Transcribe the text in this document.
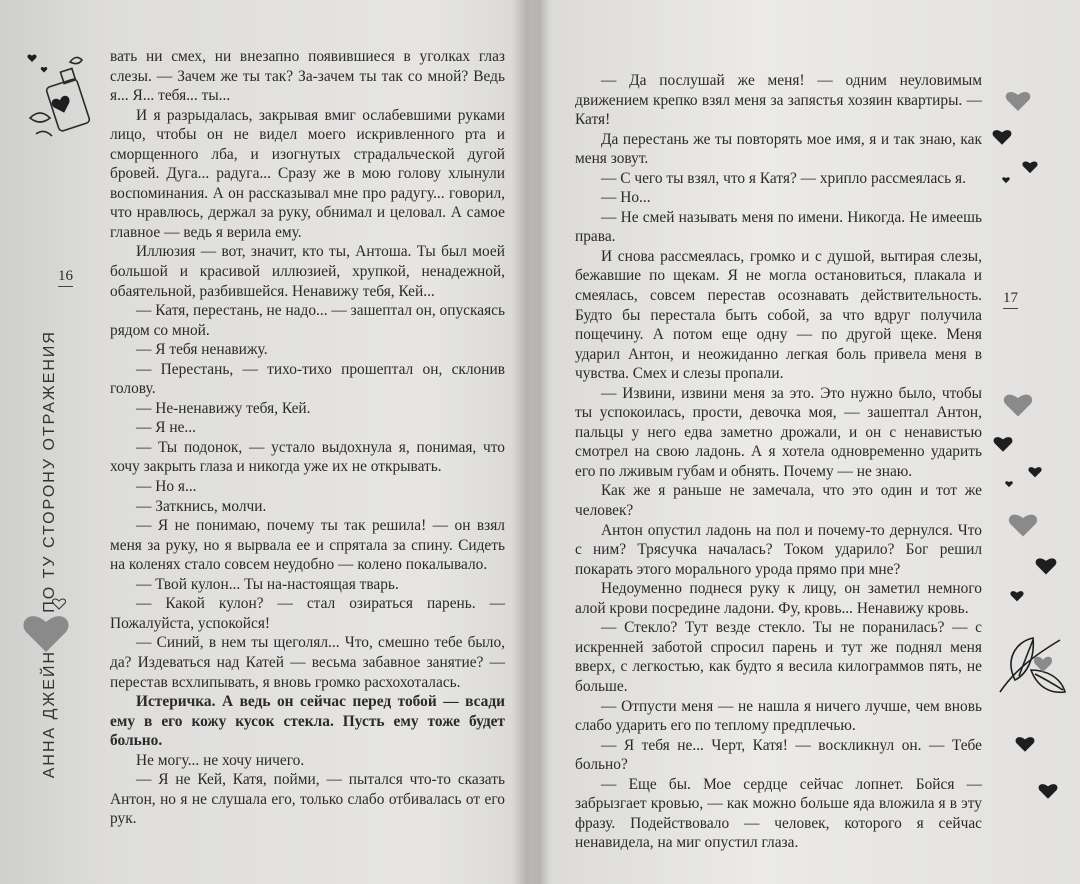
16
ПО ТУ СТОРОНУ ОТРАЖЕНИЯ
АННА ДЖЕЙН

вать ни смех, ни внезапно появившиеся в уголках глаз слезы. — Зачем же ты так? За-зачем ты так со мной? Ведь я... Я... тебя... ты...

И я разрыдалась, закрывая вмиг ослабевшими руками лицо, чтобы он не видел моего искривленного рта и сморщенного лба, и изогнутых страдальческой дугой бровей. Дуга... радуга... Сразу же в мою голову хлынули воспоминания. А он рассказывал мне про радугу... говорил, что нравлюсь, держал за руку, обнимал и целовал. А самое главное — ведь я верила ему.

Иллюзия — вот, значит, кто ты, Антоша. Ты был моей большой и красивой иллюзией, хрупкой, ненадежной, обаятельной, разбившейся. Ненавижу тебя, Кей...

— Катя, перестань, не надо... — зашептал он, опускаясь рядом со мной.

— Я тебя ненавижу.

— Перестань, — тихо-тихо прошептал он, склонив голову.

— Не-ненавижу тебя, Кей.

— Я не...

— Ты подонок, — устало выдохнула я, понимая, что хочу закрыть глаза и никогда уже их не открывать.

— Но я...

— Заткнись, молчи.

— Я не понимаю, почему ты так решила! — он взял меня за руку, но я вырвала ее и спрятала за спину. Сидеть на коленях стало совсем неудобно — колено покалывало.

— Твой кулон... Ты на-настоящая тварь.

— Какой кулон? — стал озираться парень. — Пожалуйста, успокойся!

— Синий, в нем ты щеголял... Что, смешно тебе было, да? Издеваться над Катей — весьма забавное занятие? — перестав всхлипывать, я вновь громко расхохоталась.

Истеричка. А ведь он сейчас перед тобой — всади ему в его кожу кусок стекла. Пусть ему тоже будет больно.

Не могу... не хочу ничего.

— Я не Кей, Катя, пойми, — пытался что-то сказать Антон, но я не слушала его, только слабо отбивалась от его рук.

17

— Да послушай же меня! — одним неуловимым движением крепко взял меня за запястья хозяин квартиры. — Катя!

Да перестань же ты повторять мое имя, я и так знаю, как меня зовут.

— С чего ты взял, что я Катя? — хрипло рассмеялась я.

— Но...

— Не смей называть меня по имени. Никогда. Не имеешь права.

И снова рассмеялась, громко и с душой, вытирая слезы, бежавшие по щекам. Я не могла остановиться, плакала и смеялась, совсем перестав осознавать действительность. Будто бы перестала быть собой, за что вдруг получила пощечину. А потом еще одну — по другой щеке. Меня ударил Антон, и неожиданно легкая боль привела меня в чувства. Смех и слезы пропали.

— Извини, извини меня за это. Это нужно было, чтобы ты успокоилась, прости, девочка моя, — зашептал Антон, пальцы у него едва заметно дрожали, и он с ненавистью смотрел на свою ладонь. А я хотела одновременно ударить его по лживым губам и обнять. Почему — не знаю.

Как же я раньше не замечала, что это один и тот же человек?

Антон опустил ладонь на пол и почему-то дернулся. Что с ним? Трясучка началась? Током ударило? Бог решил покарать этого морального урода прямо при мне?

Недоуменно поднеся руку к лицу, он заметил немного алой крови посредине ладони. Фу, кровь... Ненавижу кровь.

— Стекло? Тут везде стекло. Ты не поранилась? — с искренней заботой спросил парень и тут же поднял меня вверх, с легкостью, как будто я весила килограммов пять, не больше.

— Отпусти меня — не нашла я ничего лучше, чем вновь слабо ударить его по теплому предплечью.

— Я тебя не... Черт, Катя! — воскликнул он. — Тебе больно?

— Еще бы. Мое сердце сейчас лопнет. Бойся — забрызгает кровью, — как можно больше яда вложила я в эту фразу. Подействовало — человек, которого я сейчас ненавидела, на миг опустил глаза.
